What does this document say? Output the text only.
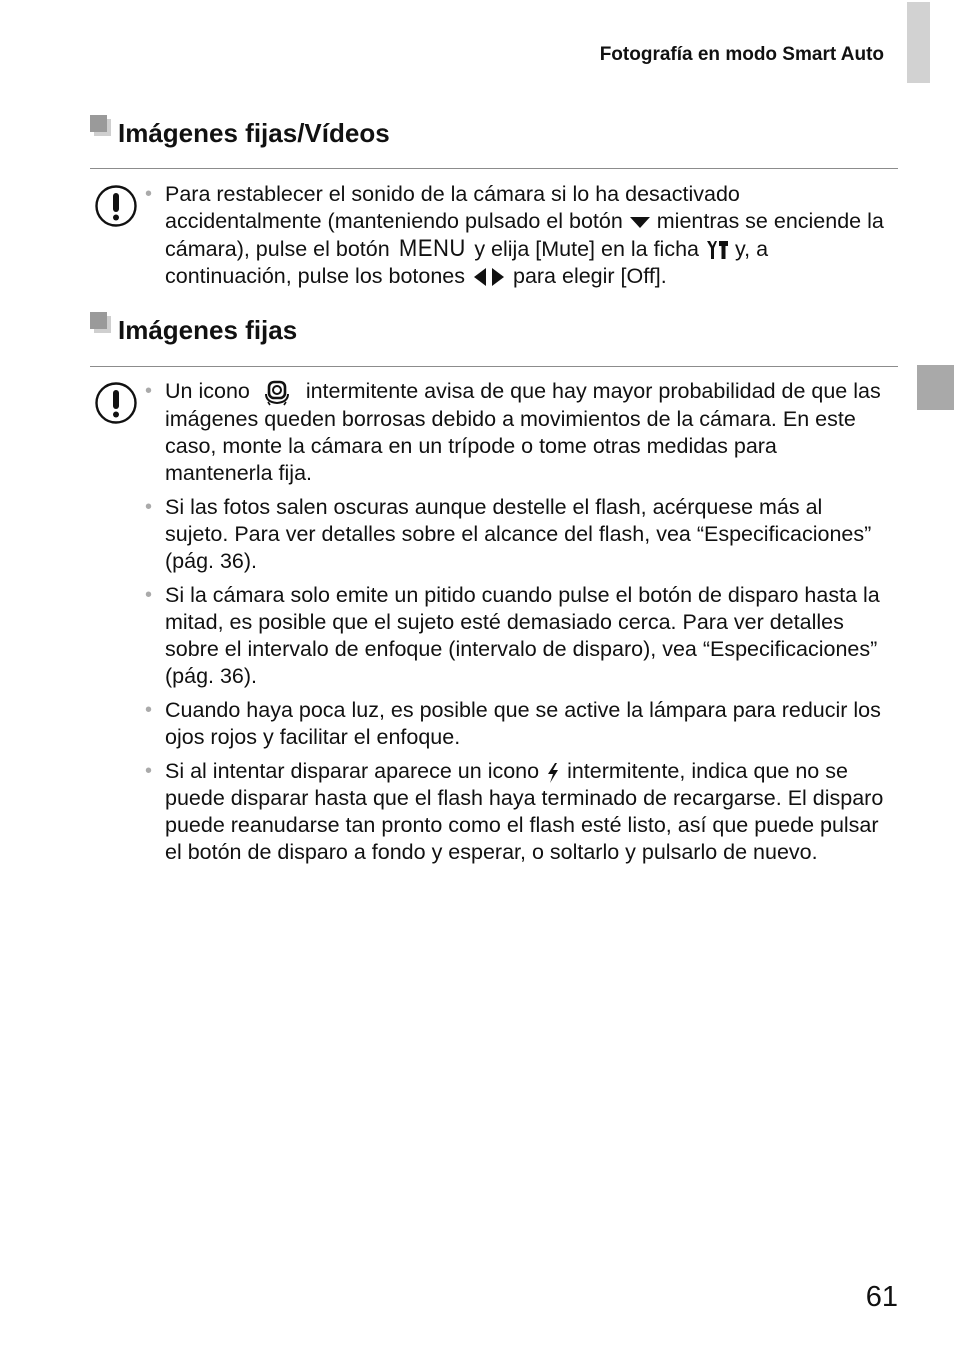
Fotografía en modo Smart Auto
Imágenes fijas/Vídeos
• Para restablecer el sonido de la cámara si lo ha desactivado accidentalmente (manteniendo pulsado el botón mientras se enciende la cámara), pulse el botón MENU y elija [Mute] en la ficha y, a continuación, pulse los botones para elegir [Off].
Imágenes fijas
• Un icono	intermitente avisa de que hay mayor probabilidad de que las imágenes queden borrosas debido a movimientos de la cámara. En este caso, monte la cámara en un trípode o tome otras medidas para mantenerla fija.
• Si las fotos salen oscuras aunque destelle el flash, acérquese más al sujeto. Para ver detalles sobre el alcance del flash, vea “Especificaciones” (pág. 36).
• Si la cámara solo emite un pitido cuando pulse el botón de disparo hasta la mitad, es posible que el sujeto esté demasiado cerca. Para ver detalles sobre el intervalo de enfoque (intervalo de disparo), vea “Especificaciones” (pág. 36).
• Cuando haya poca luz, es posible que se active la lámpara para reducir los ojos rojos y facilitar el enfoque.
• Si al intentar disparar aparece un icono intermitente, indica que no se puede disparar hasta que el flash haya terminado de recargarse. El disparo puede reanudarse tan pronto como el flash esté listo, así que puede pulsar el botón de disparo a fondo y esperar, o soltarlo y pulsarlo de nuevo.
61
